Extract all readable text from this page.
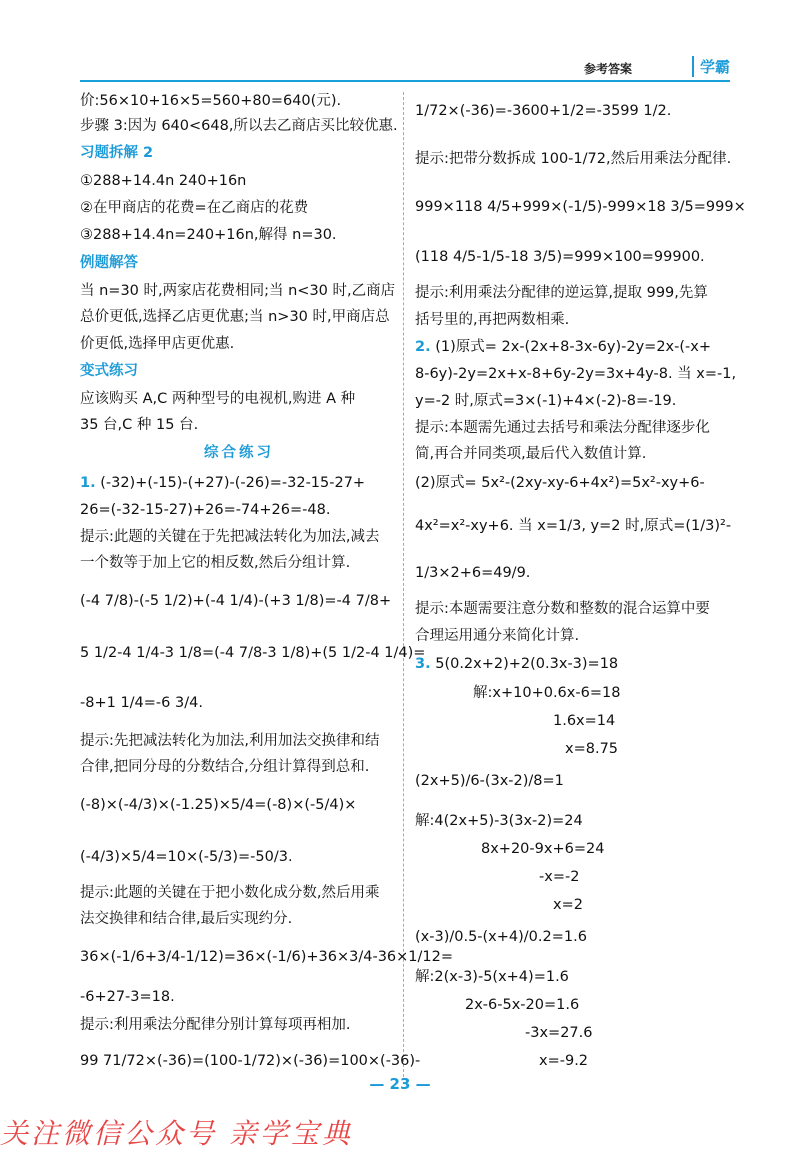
参考答案	学霸
价:56×10+16×5=560+80=640(元).
步骤 3:因为 640<648,所以去乙商店买比较优惠.
习题拆解 2
①288+14.4n 240+16n
②在甲商店的花费=在乙商店的花费
③288+14.4n=240+16n,解得 n=30.
例题解答
当 n=30 时,两家店花费相同;当 n<30 时,乙商店
总价更低,选择乙店更优惠;当 n>30 时,甲商店总
价更低,选择甲店更优惠.
变式练习
应该购买 A,C 两种型号的电视机,购进 A 种
35 台,C 种 15 台.
综合练习
1. (-32)+(-15)-(+27)-(-26)=-32-15-27+
26=(-32-15-27)+26=-74+26=-48.
提示:此题的关键在于先把减法转化为加法,减去
一个数等于加上它的相反数,然后分组计算.
(-4 7/8)-(-5 1/2)+(-4 1/4)-(+3 1/8)=-4 7/8+
5 1/2-4 1/4-3 1/8=(-4 7/8-3 1/8)+(5 1/2-4 1/4)=
-8+1 1/4=-6 3/4.
提示:先把减法转化为加法,利用加法交换律和结
合律,把同分母的分数结合,分组计算得到总和.
(-8)×(-4/3)×(-1.25)×5/4=(-8)×(-5/4)×
(-4/3)×5/4=10×(-5/3)=-50/3.
提示:此题的关键在于把小数化成分数,然后用乘
法交换律和结合律,最后实现约分.
36×(-1/6+3/4-1/12)=36×(-1/6)+36×3/4-36×1/12=
-6+27-3=18.
提示:利用乘法分配律分别计算每项再相加.
99 71/72×(-36)=(100-1/72)×(-36)=100×(-36)-
1/72×(-36)=-3600+1/2=-3599 1/2.
提示:把带分数拆成 100-1/72,然后用乘法分配律.
999×118 4/5+999×(-1/5)-999×18 3/5=999×
(118 4/5-1/5-18 3/5)=999×100=99900.
提示:利用乘法分配律的逆运算,提取 999,先算
括号里的,再把两数相乘.
2. (1)原式= 2x-(2x+8-3x-6y)-2y=2x-(-x+
8-6y)-2y=2x+x-8+6y-2y=3x+4y-8. 当 x=-1,
y=-2 时,原式=3×(-1)+4×(-2)-8=-19.
提示:本题需先通过去括号和乘法分配律逐步化
简,再合并同类项,最后代入数值计算.
(2)原式= 5x²-(2xy-xy-6+4x²)=5x²-xy+6-
4x²=x²-xy+6. 当 x=1/3, y=2 时,原式=(1/3)²-
1/3×2+6=49/9.
提示:本题需要注意分数和整数的混合运算中要
合理运用通分来简化计算.
3. 5(0.2x+2)+2(0.3x-3)=18
解:x+10+0.6x-6=18
1.6x=14
x=8.75
(2x+5)/6-(3x-2)/8=1
解:4(2x+5)-3(3x-2)=24
8x+20-9x+6=24
-x=-2
x=2
(x-3)/0.5-(x+4)/0.2=1.6
解:2(x-3)-5(x+4)=1.6
2x-6-5x-20=1.6
-3x=27.6
x=-9.2
— 23 —
关注微信公众号 亲学宝典
